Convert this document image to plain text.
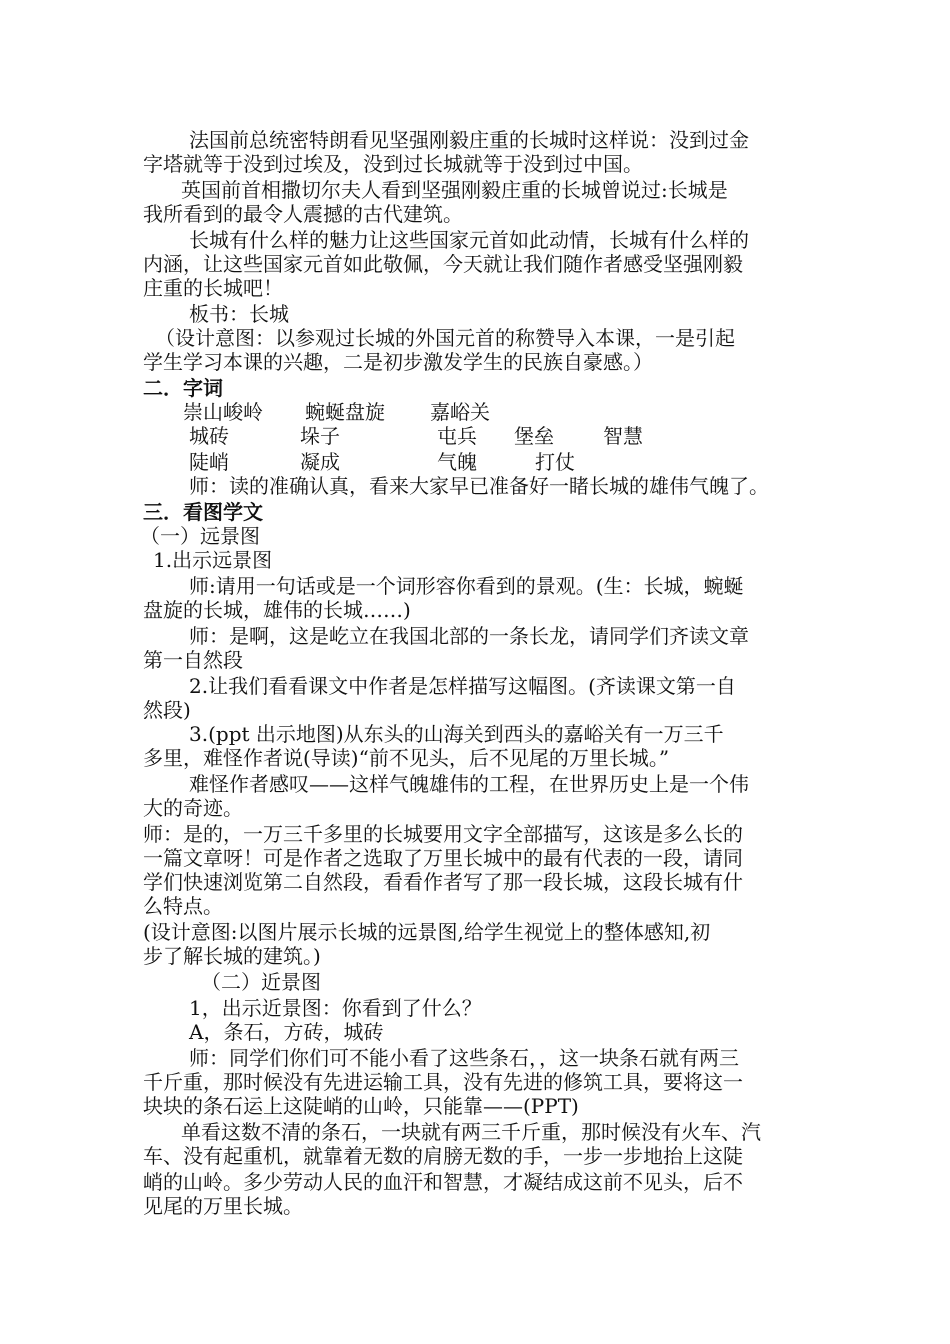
法国前总统密特朗看见坚强刚毅庄重的长城时这样说：没到过金
字塔就等于没到过埃及，没到过长城就等于没到过中国。
英国前首相撒切尔夫人看到坚强刚毅庄重的长城曾说过:长城是
我所看到的最令人震撼的古代建筑。
长城有什么样的魅力让这些国家元首如此动情，长城有什么样的
内涵，让这些国家元首如此敬佩，今天就让我们随作者感受坚强刚毅
庄重的长城吧！
板书：长城
（设计意图：以参观过长城的外国元首的称赞导入本课，一是引起
学生学习本课的兴趣，二是初步激发学生的民族自豪感。）
二．字词
崇山峻岭 蜿蜒盘旋 嘉峪关
城砖	垛子	屯兵 堡垒 智慧
陡峭	凝成	气魄	打仗
师：读的准确认真，看来大家早已准备好一睹长城的雄伟气魄了。
三．看图学文
（一）远景图
1.出示远景图
师:请用一句话或是一个词形容你看到的景观。(生：长城，蜿蜒
盘旋的长城，雄伟的长城……)
师：是啊，这是屹立在我国北部的一条长龙，请同学们齐读文章
第一自然段
2.让我们看看课文中作者是怎样描写这幅图。(齐读课文第一自
然段)
3.(ppt 出示地图)从东头的山海关到西头的嘉峪关有一万三千
多里，难怪作者说(导读)“前不见头，后不见尾的万里长城。”
难怪作者感叹——这样气魄雄伟的工程，在世界历史上是一个伟
大的奇迹。
师：是的，一万三千多里的长城要用文字全部描写，这该是多么长的
一篇文章呀！可是作者之选取了万里长城中的最有代表的一段，请同
学们快速浏览第二自然段，看看作者写了那一段长城，这段长城有什
么特点。
(设计意图:以图片展示长城的远景图,给学生视觉上的整体感知,初
步了解长城的建筑。)
（二）近景图
1，出示近景图：你看到了什么？
A，条石，方砖，城砖
师：同学们你们可不能小看了这些条石，，这一块条石就有两三
千斤重，那时候没有先进运输工具，没有先进的修筑工具，要将这一
块块的条石运上这陡峭的山岭，只能靠——(PPT)
单看这数不清的条石，一块就有两三千斤重，那时候没有火车、汽
车、没有起重机，就靠着无数的肩膀无数的手，一步一步地抬上这陡
峭的山岭。多少劳动人民的血汗和智慧，才凝结成这前不见头，后不
见尾的万里长城。
